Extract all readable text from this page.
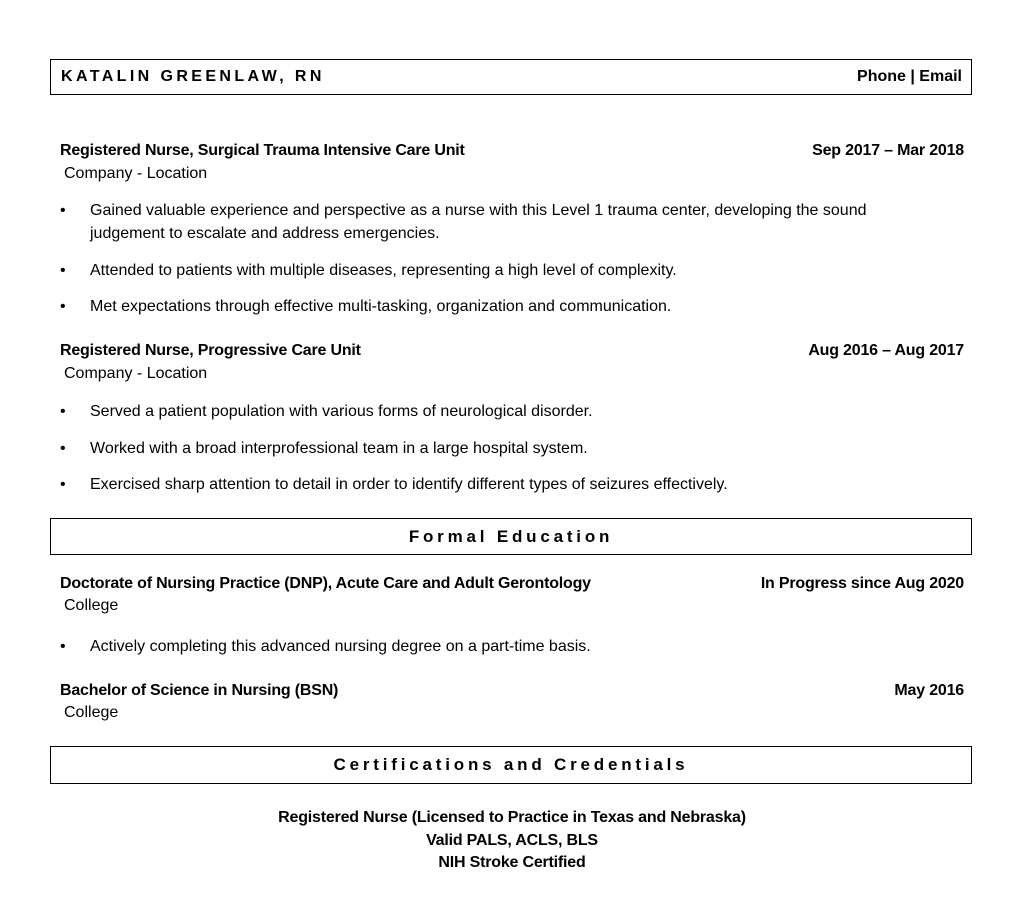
KATALIN GREENLAW, RN	Phone | Email
Registered Nurse, Surgical Trauma Intensive Care Unit	Sep 2017 – Mar 2018
Company - Location
•	Gained valuable experience and perspective as a nurse with this Level 1 trauma center, developing the sound judgement to escalate and address emergencies.
•	Attended to patients with multiple diseases, representing a high level of complexity.
•	Met expectations through effective multi-tasking, organization and communication.
Registered Nurse, Progressive Care Unit	Aug 2016 – Aug 2017
Company - Location
•	Served a patient population with various forms of neurological disorder.
•	Worked with a broad interprofessional team in a large hospital system.
•	Exercised sharp attention to detail in order to identify different types of seizures effectively.
Formal Education
Doctorate of Nursing Practice (DNP), Acute Care and Adult Gerontology	In Progress since Aug 2020
College
•	Actively completing this advanced nursing degree on a part-time basis.
Bachelor of Science in Nursing (BSN)	May 2016
College
Certifications and Credentials
Registered Nurse (Licensed to Practice in Texas and Nebraska)
Valid PALS, ACLS, BLS
NIH Stroke Certified
